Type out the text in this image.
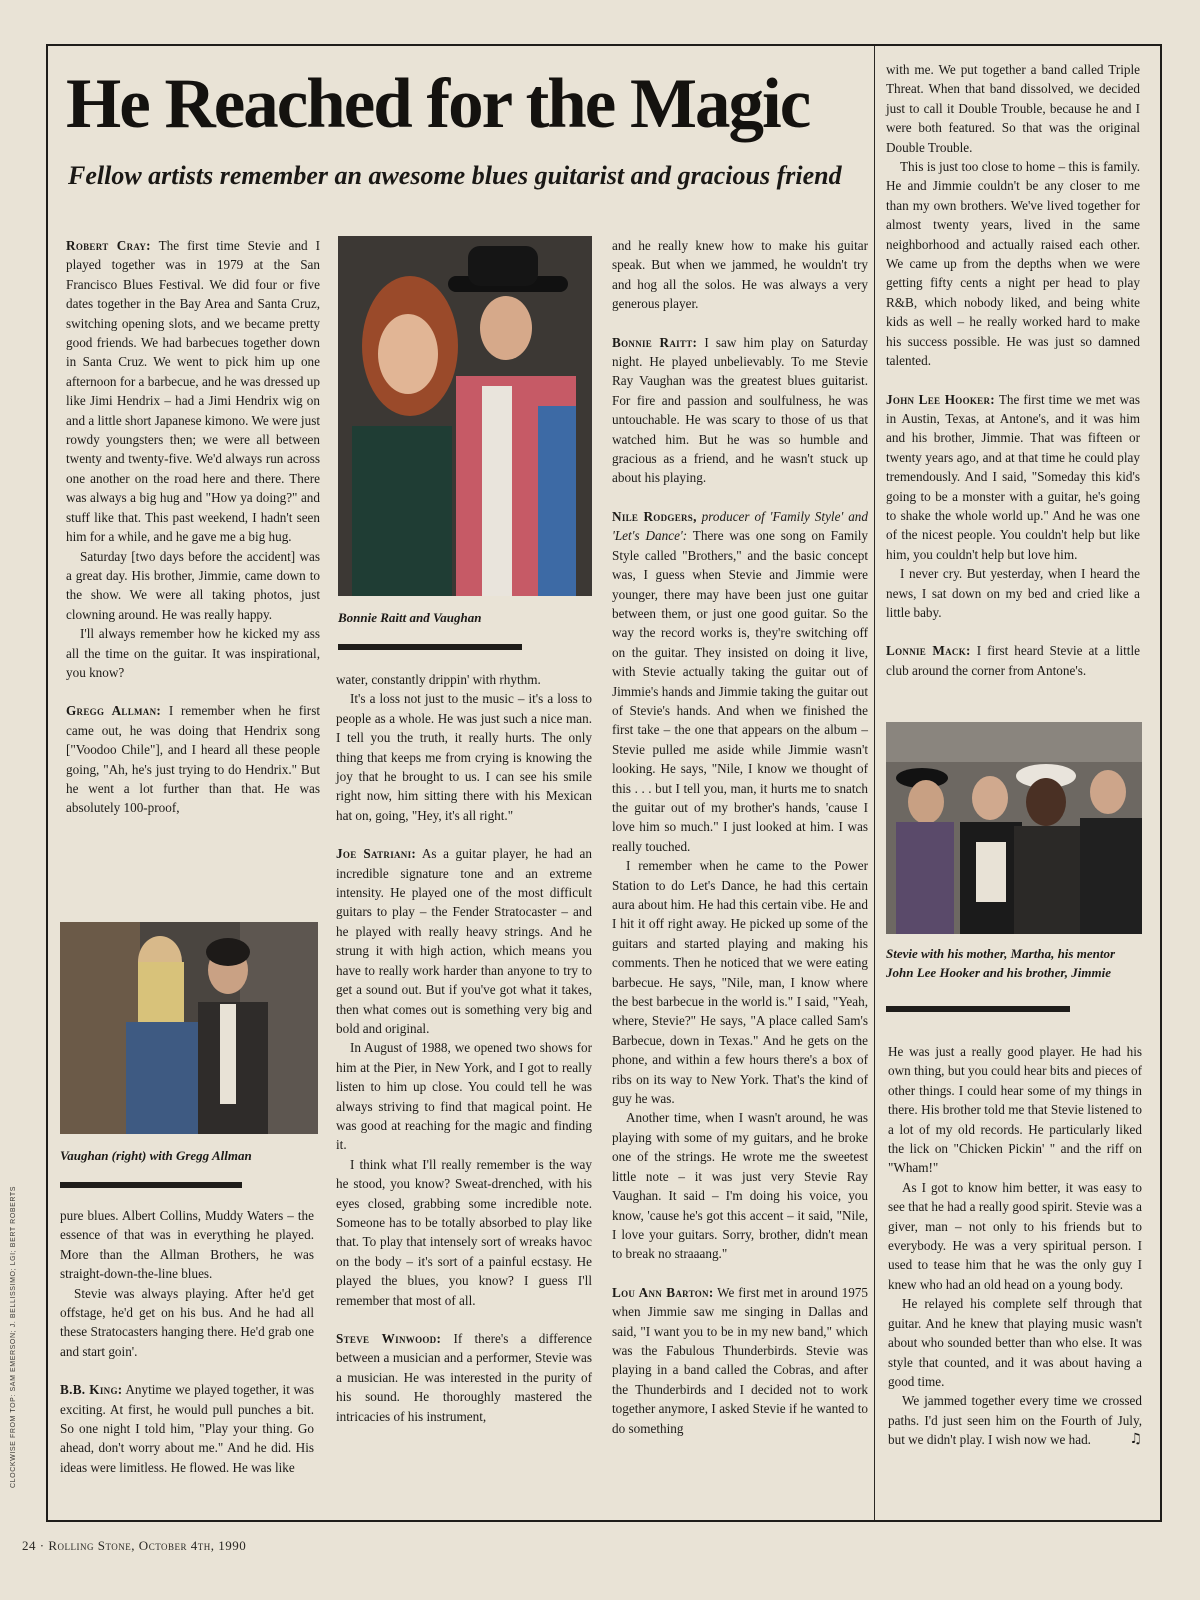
He Reached for the Magic
Fellow artists remember an awesome blues guitarist and gracious friend

Robert Cray: The first time Stevie and I played together was in 1979 at the San Francisco Blues Festival. We did four or five dates together in the Bay Area and Santa Cruz, switching opening slots, and we became pretty good friends. We had barbecues together down in Santa Cruz. We went to pick him up one afternoon for a barbecue, and he was dressed up like Jimi Hendrix – had a Jimi Hendrix wig on and a little short Japanese kimono. We were just rowdy youngsters then; we were all between twenty and twenty-five. We'd always run across one another on the road here and there. There was always a big hug and "How ya doing?" and stuff like that. This past weekend, I hadn't seen him for a while, and he gave me a big hug.

Saturday [two days before the accident] was a great day. His brother, Jimmie, came down to the show. We were all taking photos, just clowning around. He was really happy.

I'll always remember how he kicked my ass all the time on the guitar. It was inspirational, you know?

Gregg Allman: I remember when he first came out, he was doing that Hendrix song ["Voodoo Chile"], and I heard all these people going, "Ah, he's just trying to do Hendrix." But he went a lot further than that. He was absolutely 100-proof,

Vaughan (right) with Gregg Allman

pure blues. Albert Collins, Muddy Waters – the essence of that was in everything he played. More than the Allman Brothers, he was straight-down-the-line blues.

Stevie was always playing. After he'd get offstage, he'd get on his bus. And he had all these Stratocasters hanging there. He'd grab one and start goin'.

B.B. King: Anytime we played together, it was exciting. At first, he would pull punches a bit. So one night I told him, "Play your thing. Go ahead, don't worry about me." And he did. His ideas were limitless. He flowed. He was like

Bonnie Raitt and Vaughan

water, constantly drippin' with rhythm.

It's a loss not just to the music – it's a loss to people as a whole. He was just such a nice man. I tell you the truth, it really hurts. The only thing that keeps me from crying is knowing the joy that he brought to us. I can see his smile right now, him sitting there with his Mexican hat on, going, "Hey, it's all right."

Joe Satriani: As a guitar player, he had an incredible signature tone and an extreme intensity. He played one of the most difficult guitars to play – the Fender Stratocaster – and he played with really heavy strings. And he strung it with high action, which means you have to really work harder than anyone to try to get a sound out. But if you've got what it takes, then what comes out is something very big and bold and original.

In August of 1988, we opened two shows for him at the Pier, in New York, and I got to really listen to him up close. You could tell he was always striving to find that magical point. He was good at reaching for the magic and finding it.

I think what I'll really remember is the way he stood, you know? Sweat-drenched, with his eyes closed, grabbing some incredible note. Someone has to be totally absorbed to play like that. To play that intensely sort of wreaks havoc on the body – it's sort of a painful ecstasy. He played the blues, you know? I guess I'll remember that most of all.

Steve Winwood: If there's a difference between a musician and a performer, Stevie was a musician. He was interested in the purity of his sound. He thoroughly mastered the intricacies of his instrument,

and he really knew how to make his guitar speak. But when we jammed, he wouldn't try and hog all the solos. He was always a very generous player.

Bonnie Raitt: I saw him play on Saturday night. He played unbelievably. To me Stevie Ray Vaughan was the greatest blues guitarist. For fire and passion and soulfulness, he was untouchable. He was scary to those of us that watched him. But he was so humble and gracious as a friend, and he wasn't stuck up about his playing.

Nile Rodgers, producer of 'Family Style' and 'Let's Dance': There was one song on Family Style called "Brothers," and the basic concept was, I guess when Stevie and Jimmie were younger, there may have been just one guitar between them, or just one good guitar. So the way the record works is, they're switching off on the guitar. They insisted on doing it live, with Stevie actually taking the guitar out of Jimmie's hands and Jimmie taking the guitar out of Stevie's hands. And when we finished the first take – the one that appears on the album – Stevie pulled me aside while Jimmie wasn't looking. He says, "Nile, I know we thought of this . . . but I tell you, man, it hurts me to snatch the guitar out of my brother's hands, 'cause I love him so much." I just looked at him. I was really touched.

I remember when he came to the Power Station to do Let's Dance, he had this certain aura about him. He had this certain vibe. He and I hit it off right away. He picked up some of the guitars and started playing and making his comments. Then he noticed that we were eating barbecue. He says, "Nile, man, I know where the best barbecue in the world is." I said, "Yeah, where, Stevie?" He says, "A place called Sam's Barbecue, down in Texas." And he gets on the phone, and within a few hours there's a box of ribs on its way to New York. That's the kind of guy he was.

Another time, when I wasn't around, he was playing with some of my guitars, and he broke one of the strings. He wrote me the sweetest little note – it was just very Stevie Ray Vaughan. It said – I'm doing his voice, you know, 'cause he's got this accent – it said, "Nile, I love your guitars. Sorry, brother, didn't mean to break no straaang."

Lou Ann Barton: We first met in around 1975 when Jimmie saw me singing in Dallas and said, "I want you to be in my new band," which was the Fabulous Thunderbirds. Stevie was playing in a band called the Cobras, and after the Thunderbirds and I decided not to work together anymore, I asked Stevie if he wanted to do something

with me. We put together a band called Triple Threat. When that band dissolved, we decided just to call it Double Trouble, because he and I were both featured. So that was the original Double Trouble.

This is just too close to home – this is family. He and Jimmie couldn't be any closer to me than my own brothers. We've lived together for almost twenty years, lived in the same neighborhood and actually raised each other. We came up from the depths when we were getting fifty cents a night per head to play R&B, which nobody liked, and being white kids as well – he really worked hard to make his success possible. He was just so damned talented.

John Lee Hooker: The first time we met was in Austin, Texas, at Antone's, and it was him and his brother, Jimmie. That was fifteen or twenty years ago, and at that time he could play tremendously. And I said, "Someday this kid's going to be a monster with a guitar, he's going to shake the whole world up." And he was one of the nicest people. You couldn't help but like him, you couldn't help but love him.

I never cry. But yesterday, when I heard the news, I sat down on my bed and cried like a little baby.

Lonnie Mack: I first heard Stevie at a little club around the corner from Antone's.

Stevie with his mother, Martha, his mentor John Lee Hooker and his brother, Jimmie

He was just a really good player. He had his own thing, but you could hear bits and pieces of other things. I could hear some of my things in there. His brother told me that Stevie listened to a lot of my old records. He particularly liked the lick on "Chicken Pickin' " and the riff on "Wham!"

As I got to know him better, it was easy to see that he had a really good spirit. Stevie was a giver, man – not only to his friends but to everybody. He was a very spiritual person. I used to tease him that he was the only guy I knew who had an old head on a young body.

He relayed his complete self through that guitar. And he knew that playing music wasn't about who sounded better than who else. It was style that counted, and it was about having a good time.

We jammed together every time we crossed paths. I'd just seen him on the Fourth of July, but we didn't play. I wish now we had.	♫

CLOCKWISE FROM TOP: SAM EMERSON; J. BELLISSIMO; LGI; BERT ROBERTS
24 · Rolling Stone, October 4th, 1990
